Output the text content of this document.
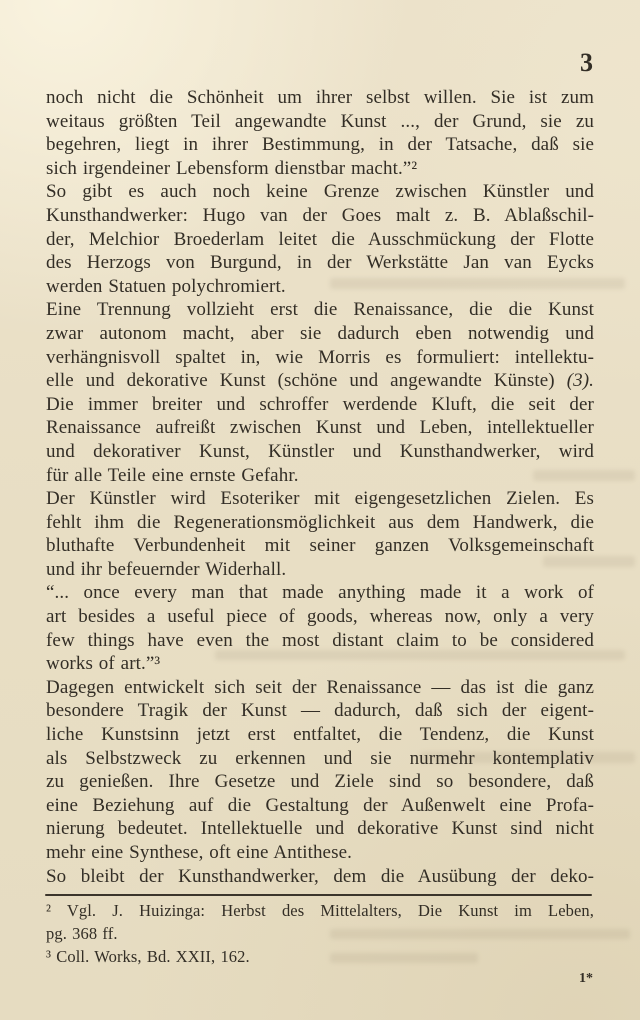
3
noch nicht die Schönheit um ihrer selbst willen. Sie ist zum
weitaus größten Teil angewandte Kunst ..., der Grund, sie zu
begehren, liegt in ihrer Bestimmung, in der Tatsache, daß sie
sich irgendeiner Lebensform dienstbar macht.”²
So gibt es auch noch keine Grenze zwischen Künstler und
Kunsthandwerker: Hugo van der Goes malt z. B. Ablaßschil-
der, Melchior Broederlam leitet die Ausschmückung der Flotte
des Herzogs von Burgund, in der Werkstätte Jan van Eycks
werden Statuen polychromiert.
Eine Trennung vollzieht erst die Renaissance, die die Kunst
zwar autonom macht, aber sie dadurch eben notwendig und
verhängnisvoll spaltet in, wie Morris es formuliert: intellektu-
elle und dekorative Kunst (schöne und angewandte Künste) (3).
Die immer breiter und schroffer werdende Kluft, die seit der
Renaissance aufreißt zwischen Kunst und Leben, intellektueller
und dekorativer Kunst, Künstler und Kunsthandwerker, wird
für alle Teile eine ernste Gefahr.
Der Künstler wird Esoteriker mit eigengesetzlichen Zielen. Es
fehlt ihm die Regenerationsmöglichkeit aus dem Handwerk, die
bluthafte Verbundenheit mit seiner ganzen Volksgemeinschaft
und ihr befeuernder Widerhall.
“... once every man that made anything made it a work of
art besides a useful piece of goods, whereas now, only a very
few things have even the most distant claim to be considered
works of art.”³
Dagegen entwickelt sich seit der Renaissance — das ist die ganz
besondere Tragik der Kunst — dadurch, daß sich der eigent-
liche Kunstsinn jetzt erst entfaltet, die Tendenz, die Kunst
als Selbstzweck zu erkennen und sie nurmehr kontemplativ
zu genießen. Ihre Gesetze und Ziele sind so besondere, daß
eine Beziehung auf die Gestaltung der Außenwelt eine Profa-
nierung bedeutet. Intellektuelle und dekorative Kunst sind nicht
mehr eine Synthese, oft eine Antithese.
So bleibt der Kunsthandwerker, dem die Ausübung der deko-
² Vgl. J. Huizinga: Herbst des Mittelalters, Die Kunst im Leben,
pg. 368 ff.
³ Coll. Works, Bd. XXII, 162.
1*
